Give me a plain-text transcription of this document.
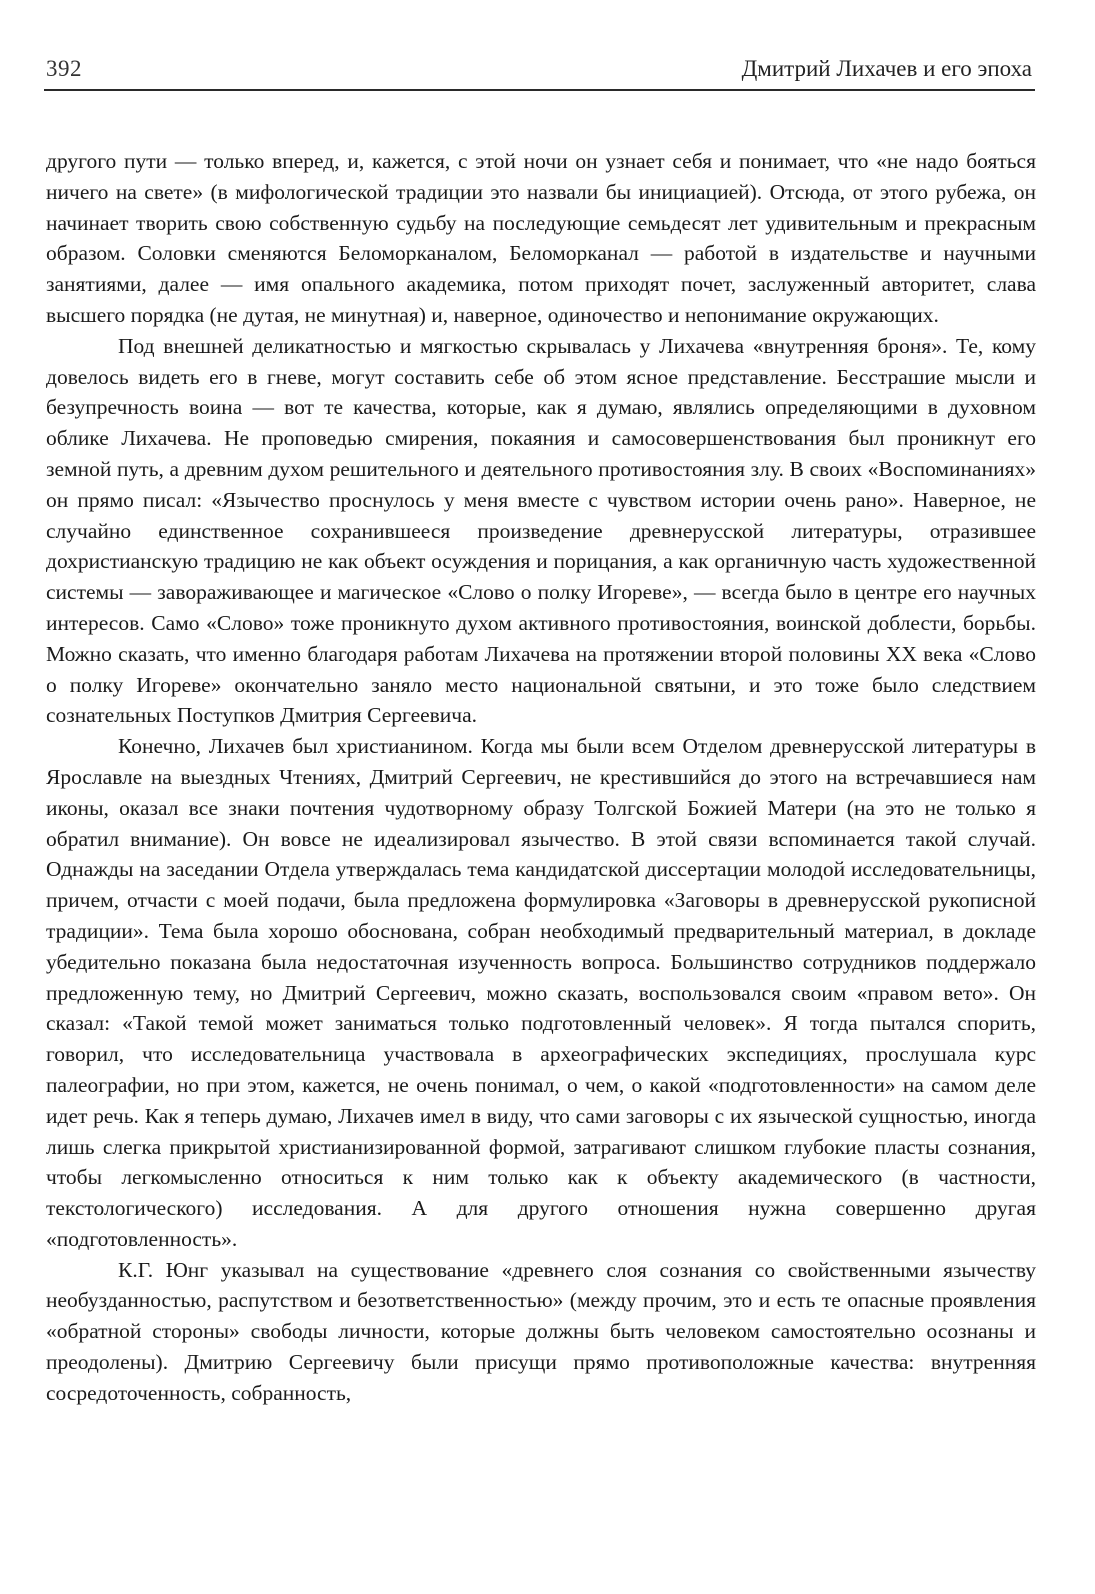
392	Дмитрий Лихачев и его эпоха

другого пути — только вперед, и, кажется, с этой ночи он узнает себя и понимает, что «не надо бояться ничего на свете» (в мифологической традиции это назвали бы инициацией). Отсюда, от этого рубежа, он начинает творить свою собственную судьбу на последующие семьдесят лет удивительным и прекрасным образом. Соловки сменяются Беломорканалом, Беломорканал — работой в издательстве и научными занятиями, далее — имя опального академика, потом приходят почет, заслуженный авторитет, слава высшего порядка (не дутая, не минутная) и, наверное, одиночество и непонимание окружающих.

Под внешней деликатностью и мягкостью скрывалась у Лихачева «внутренняя броня». Те, кому довелось видеть его в гневе, могут составить себе об этом ясное представление. Бесстрашие мысли и безупречность воина — вот те качества, которые, как я думаю, являлись определяющими в духовном облике Лихачева. Не проповедью смирения, покаяния и самосовершенствования был проникнут его земной путь, а древним духом решительного и деятельного противостояния злу. В своих «Воспоминаниях» он прямо писал: «Язычество проснулось у меня вместе с чувством истории очень рано». Наверное, не случайно единственное сохранившееся произведение древнерусской литературы, отразившее дохристианскую традицию не как объект осуждения и порицания, а как органичную часть художественной системы — завораживающее и магическое «Слово о полку Игореве», — всегда было в центре его научных интересов. Само «Слово» тоже проникнуто духом активного противостояния, воинской доблести, борьбы. Можно сказать, что именно благодаря работам Лихачева на протяжении второй половины XX века «Слово о полку Игореве» окончательно заняло место национальной святыни, и это тоже было следствием сознательных Поступков Дмитрия Сергеевича.

Конечно, Лихачев был христианином. Когда мы были всем Отделом древнерусской литературы в Ярославле на выездных Чтениях, Дмитрий Сергеевич, не крестившийся до этого на встречавшиеся нам иконы, оказал все знаки почтения чудотворному образу Толгской Божией Матери (на это не только я обратил внимание). Он вовсе не идеализировал язычество. В этой связи вспоминается такой случай. Однажды на заседании Отдела утверждалась тема кандидатской диссертации молодой исследовательницы, причем, отчасти с моей подачи, была предложена формулировка «Заговоры в древнерусской рукописной традиции». Тема была хорошо обоснована, собран необходимый предварительный материал, в докладе убедительно показана была недостаточная изученность вопроса. Большинство сотрудников поддержало предложенную тему, но Дмитрий Сергеевич, можно сказать, воспользовался своим «правом вето». Он сказал: «Такой темой может заниматься только подготовленный человек». Я тогда пытался спорить, говорил, что исследовательница участвовала в археографических экспедициях, прослушала курс палеографии, но при этом, кажется, не очень понимал, о чем, о какой «подготовленности» на самом деле идет речь. Как я теперь думаю, Лихачев имел в виду, что сами заговоры с их языческой сущностью, иногда лишь слегка прикрытой христианизированной формой, затрагивают слишком глубокие пласты сознания, чтобы легкомысленно относиться к ним только как к объекту академического (в частности, текстологического) исследования. А для другого отношения нужна совершенно другая «подготовленность».

К.Г. Юнг указывал на существование «древнего слоя сознания со свойственными язычеству необузданностью, распутством и безответственностью» (между прочим, это и есть те опасные проявления «обратной стороны» свободы личности, которые должны быть человеком самостоятельно осознаны и преодолены). Дмитрию Сергеевичу были присущи прямо противоположные качества: внутренняя сосредоточенность, собранность,
